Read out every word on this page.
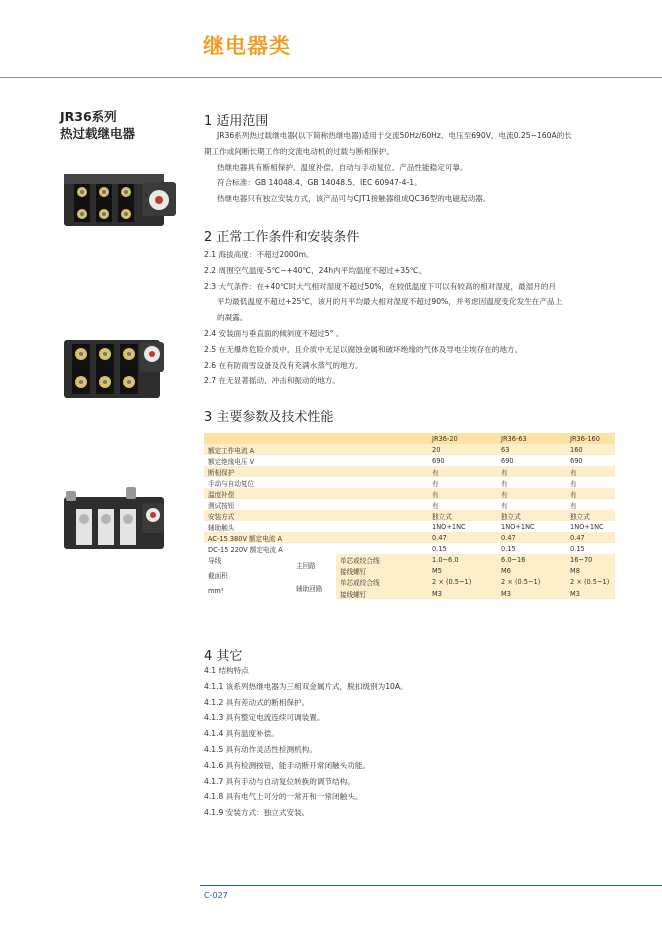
继电器类
JR36系列
热过载继电器
1 适用范围
JR36系列热过载继电器(以下简称热继电器)适用于交流50Hz/60Hz、电压至690V，电流0.25~160A的长
期工作或间断长期工作的交流电动机的过载与断相保护。
热继电器具有断相保护、温度补偿、自动与手动复位、产品性能稳定可靠。
符合标准：GB 14048.4、GB 14048.5、IEC 60947-4-1。
热继电器只有独立安装方式，该产品可与CJT1接触器组成QC36型的电磁起动器。
2 正常工作条件和安装条件
2.1 海拔高度：不超过2000m。
2.2 周围空气温度-5℃~+40℃，24h内平均温度不超过+35℃。
2.3 大气条件：在+40℃时大气相对湿度不超过50%，在较低温度下可以有较高的相对湿度，最湿月的月
平均最低温度不超过+25℃，该月的月平均最大相对湿度不超过90%，并考虑因温度变化发生在产品上
的凝露。
2.4 安装面与垂直面的倾斜度不超过5° 。
2.5 在无爆炸危险介质中，且介质中无足以腐蚀金属和破坏绝缘的气体及导电尘埃存在的地方。
2.6 在有防雨雪设备及没有充满水蒸气的地方。
2.7 在无显著摇动、冲击和振动的地方。
3 主要参数及技术性能
			JR36-20	JR36-63	JR36-160
额定工作电流 A			20	63	160
额定绝缘电压 V			690	690	690
断相保护			有	有	有
手动与自动复位			有	有	有
温度补偿			有	有	有
测试按钮			有	有	有
安装方式			独立式	独立式	独立式
辅助触头			1NO+1NC	1NO+1NC	1NO+1NC
AC-15 380V 额定电流 A			0.47	0.47	0.47
DC-15 220V 额定电流 A			0.15	0.15	0.15

导线
截面积
mm²	主回路	单芯或绞合线	1.0~6.0	6.0~16	16~70
		接线螺钉	M5	M6	M8
	辅助回路	单芯或绞合线	2 × (0.5~1)	2 × (0.5~1)	2 × (0.5~1)
		接线螺钉	M3	M3	M3
4 其它
4.1 结构特点
4.1.1 该系列热继电器为三相双金属片式，脱扣级别为10A。
4.1.2 具有差动式的断相保护。
4.1.3 具有整定电流连续可调装置。
4.1.4 具有温度补偿。
4.1.5 具有动作灵活性检测机构。
4.1.6 具有检测按钮，能手动断开常闭触头功能。
4.1.7 具有手动与自动复位转换的调节结构。
4.1.8 具有电气上可分的一常开和一常闭触头。
4.1.9 安装方式：独立式安装。
C-027
